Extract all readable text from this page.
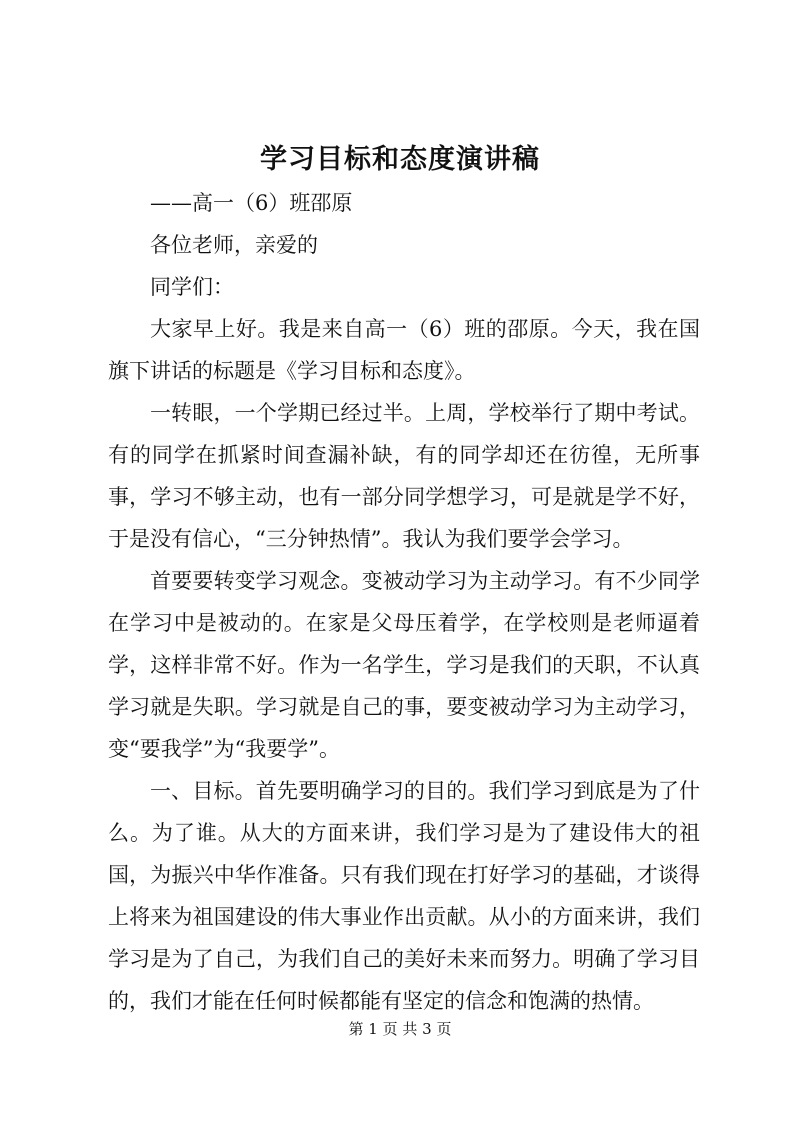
学习目标和态度演讲稿

——高一（6）班邵原

各位老师，亲爱的

同学们：

大家早上好。我是来自高一（6）班的邵原。今天，我在国旗下讲话的标题是《学习目标和态度》。

一转眼，一个学期已经过半。上周，学校举行了期中考试。有的同学在抓紧时间查漏补缺，有的同学却还在彷徨，无所事事，学习不够主动，也有一部分同学想学习，可是就是学不好，于是没有信心，“三分钟热情”。我认为我们要学会学习。

首要要转变学习观念。变被动学习为主动学习。有不少同学在学习中是被动的。在家是父母压着学，在学校则是老师逼着学，这样非常不好。作为一名学生，学习是我们的天职，不认真学习就是失职。学习就是自己的事，要变被动学习为主动学习，变“要我学”为“我要学”。

一、目标。首先要明确学习的目的。我们学习到底是为了什么。为了谁。从大的方面来讲，我们学习是为了建设伟大的祖国，为振兴中华作准备。只有我们现在打好学习的基础，才谈得上将来为祖国建设的伟大事业作出贡献。从小的方面来讲，我们学习是为了自己，为我们自己的美好未来而努力。明确了学习目的，我们才能在任何时候都能有坚定的信念和饱满的热情。

第 1 页 共 3 页
